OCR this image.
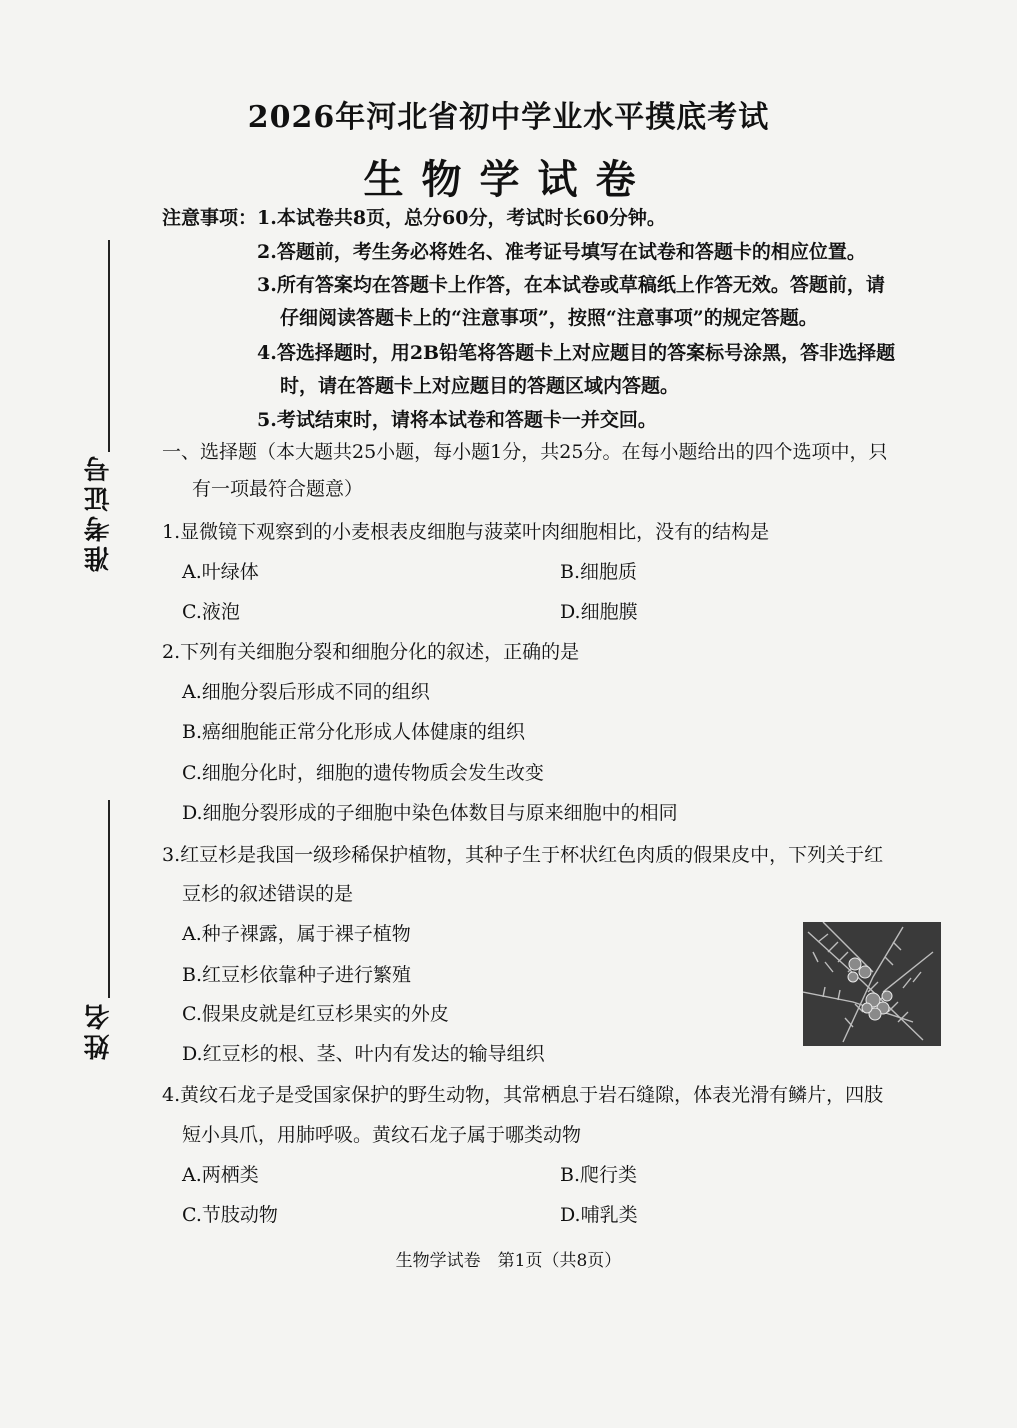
2026年河北省初中学业水平摸底考试
生物学试卷
准考证号
姓名
注意事项： 1.本试卷共8页，总分60分，考试时长60分钟。
2.答题前，考生务必将姓名、准考证号填写在试卷和答题卡的相应位置。
3.所有答案均在答题卡上作答，在本试卷或草稿纸上作答无效。答题前，请
仔细阅读答题卡上的“注意事项”，按照“注意事项”的规定答题。
4.答选择题时，用2B铅笔将答题卡上对应题目的答案标号涂黑，答非选择题
时，请在答题卡上对应题目的答题区域内答题。
5.考试结束时，请将本试卷和答题卡一并交回。
一、选择题（本大题共25小题，每小题1分，共25分。在每小题给出的四个选项中，只
有一项最符合题意）
1.显微镜下观察到的小麦根表皮细胞与菠菜叶肉细胞相比，没有的结构是
A.叶绿体	B.细胞质
C.液泡	D.细胞膜
2.下列有关细胞分裂和细胞分化的叙述，正确的是
A.细胞分裂后形成不同的组织
B.癌细胞能正常分化形成人体健康的组织
C.细胞分化时，细胞的遗传物质会发生改变
D.细胞分裂形成的子细胞中染色体数目与原来细胞中的相同
3.红豆杉是我国一级珍稀保护植物，其种子生于杯状红色肉质的假果皮中，下列关于红
豆杉的叙述错误的是
A.种子裸露，属于裸子植物
B.红豆杉依靠种子进行繁殖
C.假果皮就是红豆杉果实的外皮
D.红豆杉的根、茎、叶内有发达的输导组织
4.黄纹石龙子是受国家保护的野生动物，其常栖息于岩石缝隙，体表光滑有鳞片，四肢
短小具爪，用肺呼吸。黄纹石龙子属于哪类动物
A.两栖类	B.爬行类
C.节肢动物	D.哺乳类
生物学试卷　第1页（共8页）
